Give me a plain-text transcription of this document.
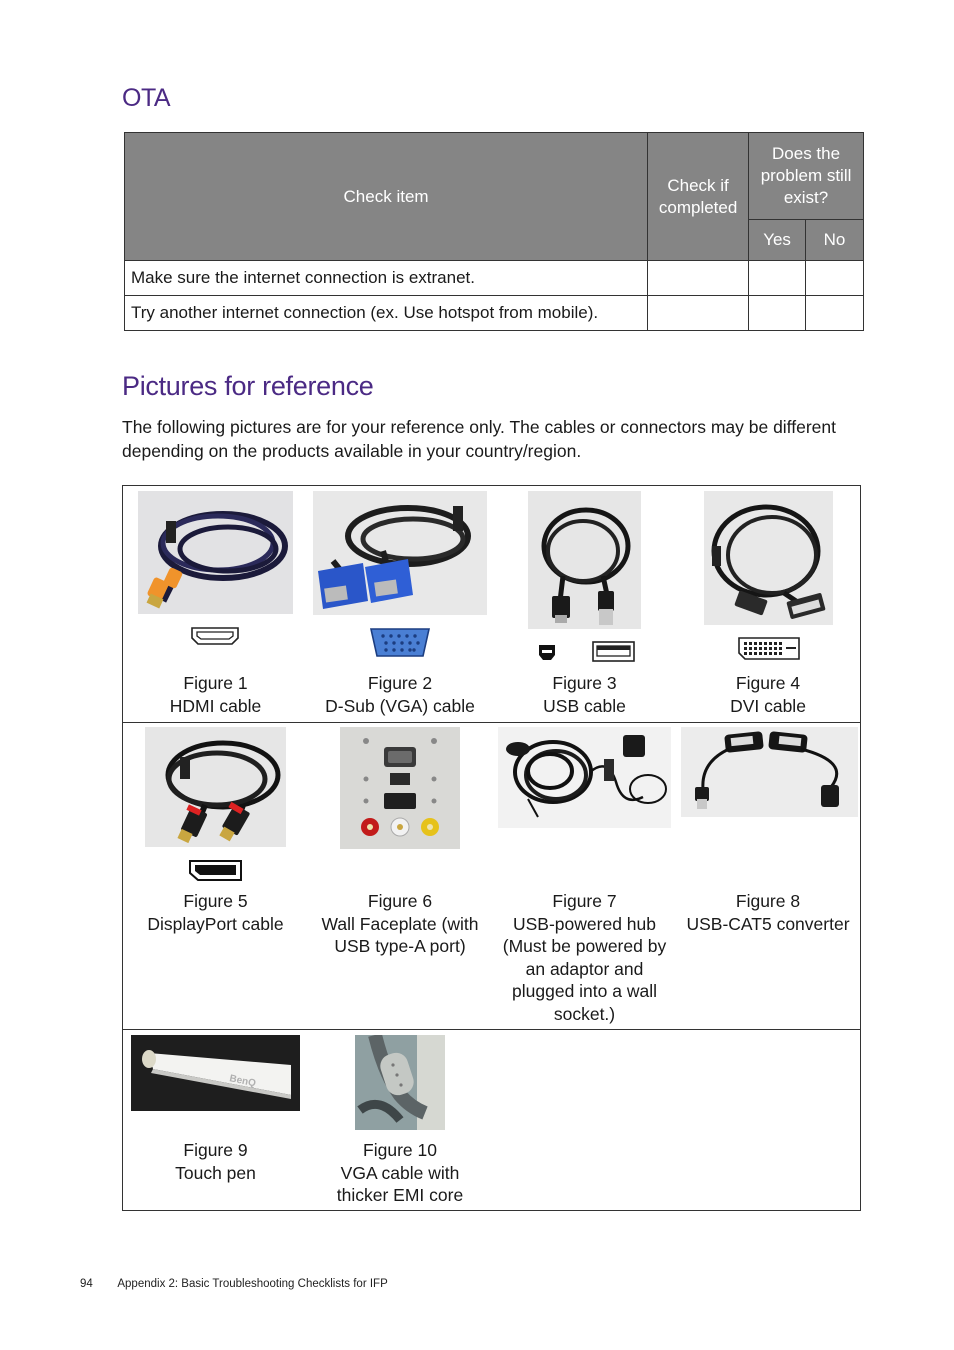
OTA
Check item	Check if completed	Does the problem still exist?	
		Yes	No
Make sure the internet connection is extranet.			
Try another internet connection (ex. Use hotspot from mobile).			
Pictures for reference

The following pictures are for your reference only. The cables or connectors may be different depending on the products available in your country/region.

Figure 1
HDMI cable
Figure 2
D-Sub (VGA) cable
Figure 3
USB cable
Figure 4
DVI cable
Figure 5
DisplayPort cable
Figure 6
Wall Faceplate (with
USB type-A port)
Figure 7
USB-powered hub
(Must be powered by
an adaptor and
plugged into a wall
socket.)
Figure 8
USB-CAT5 converter
BenQ
Figure 9
Touch pen
Figure 10
VGA cable with
thicker EMI core
94 Appendix 2: Basic Troubleshooting Checklists for IFP
